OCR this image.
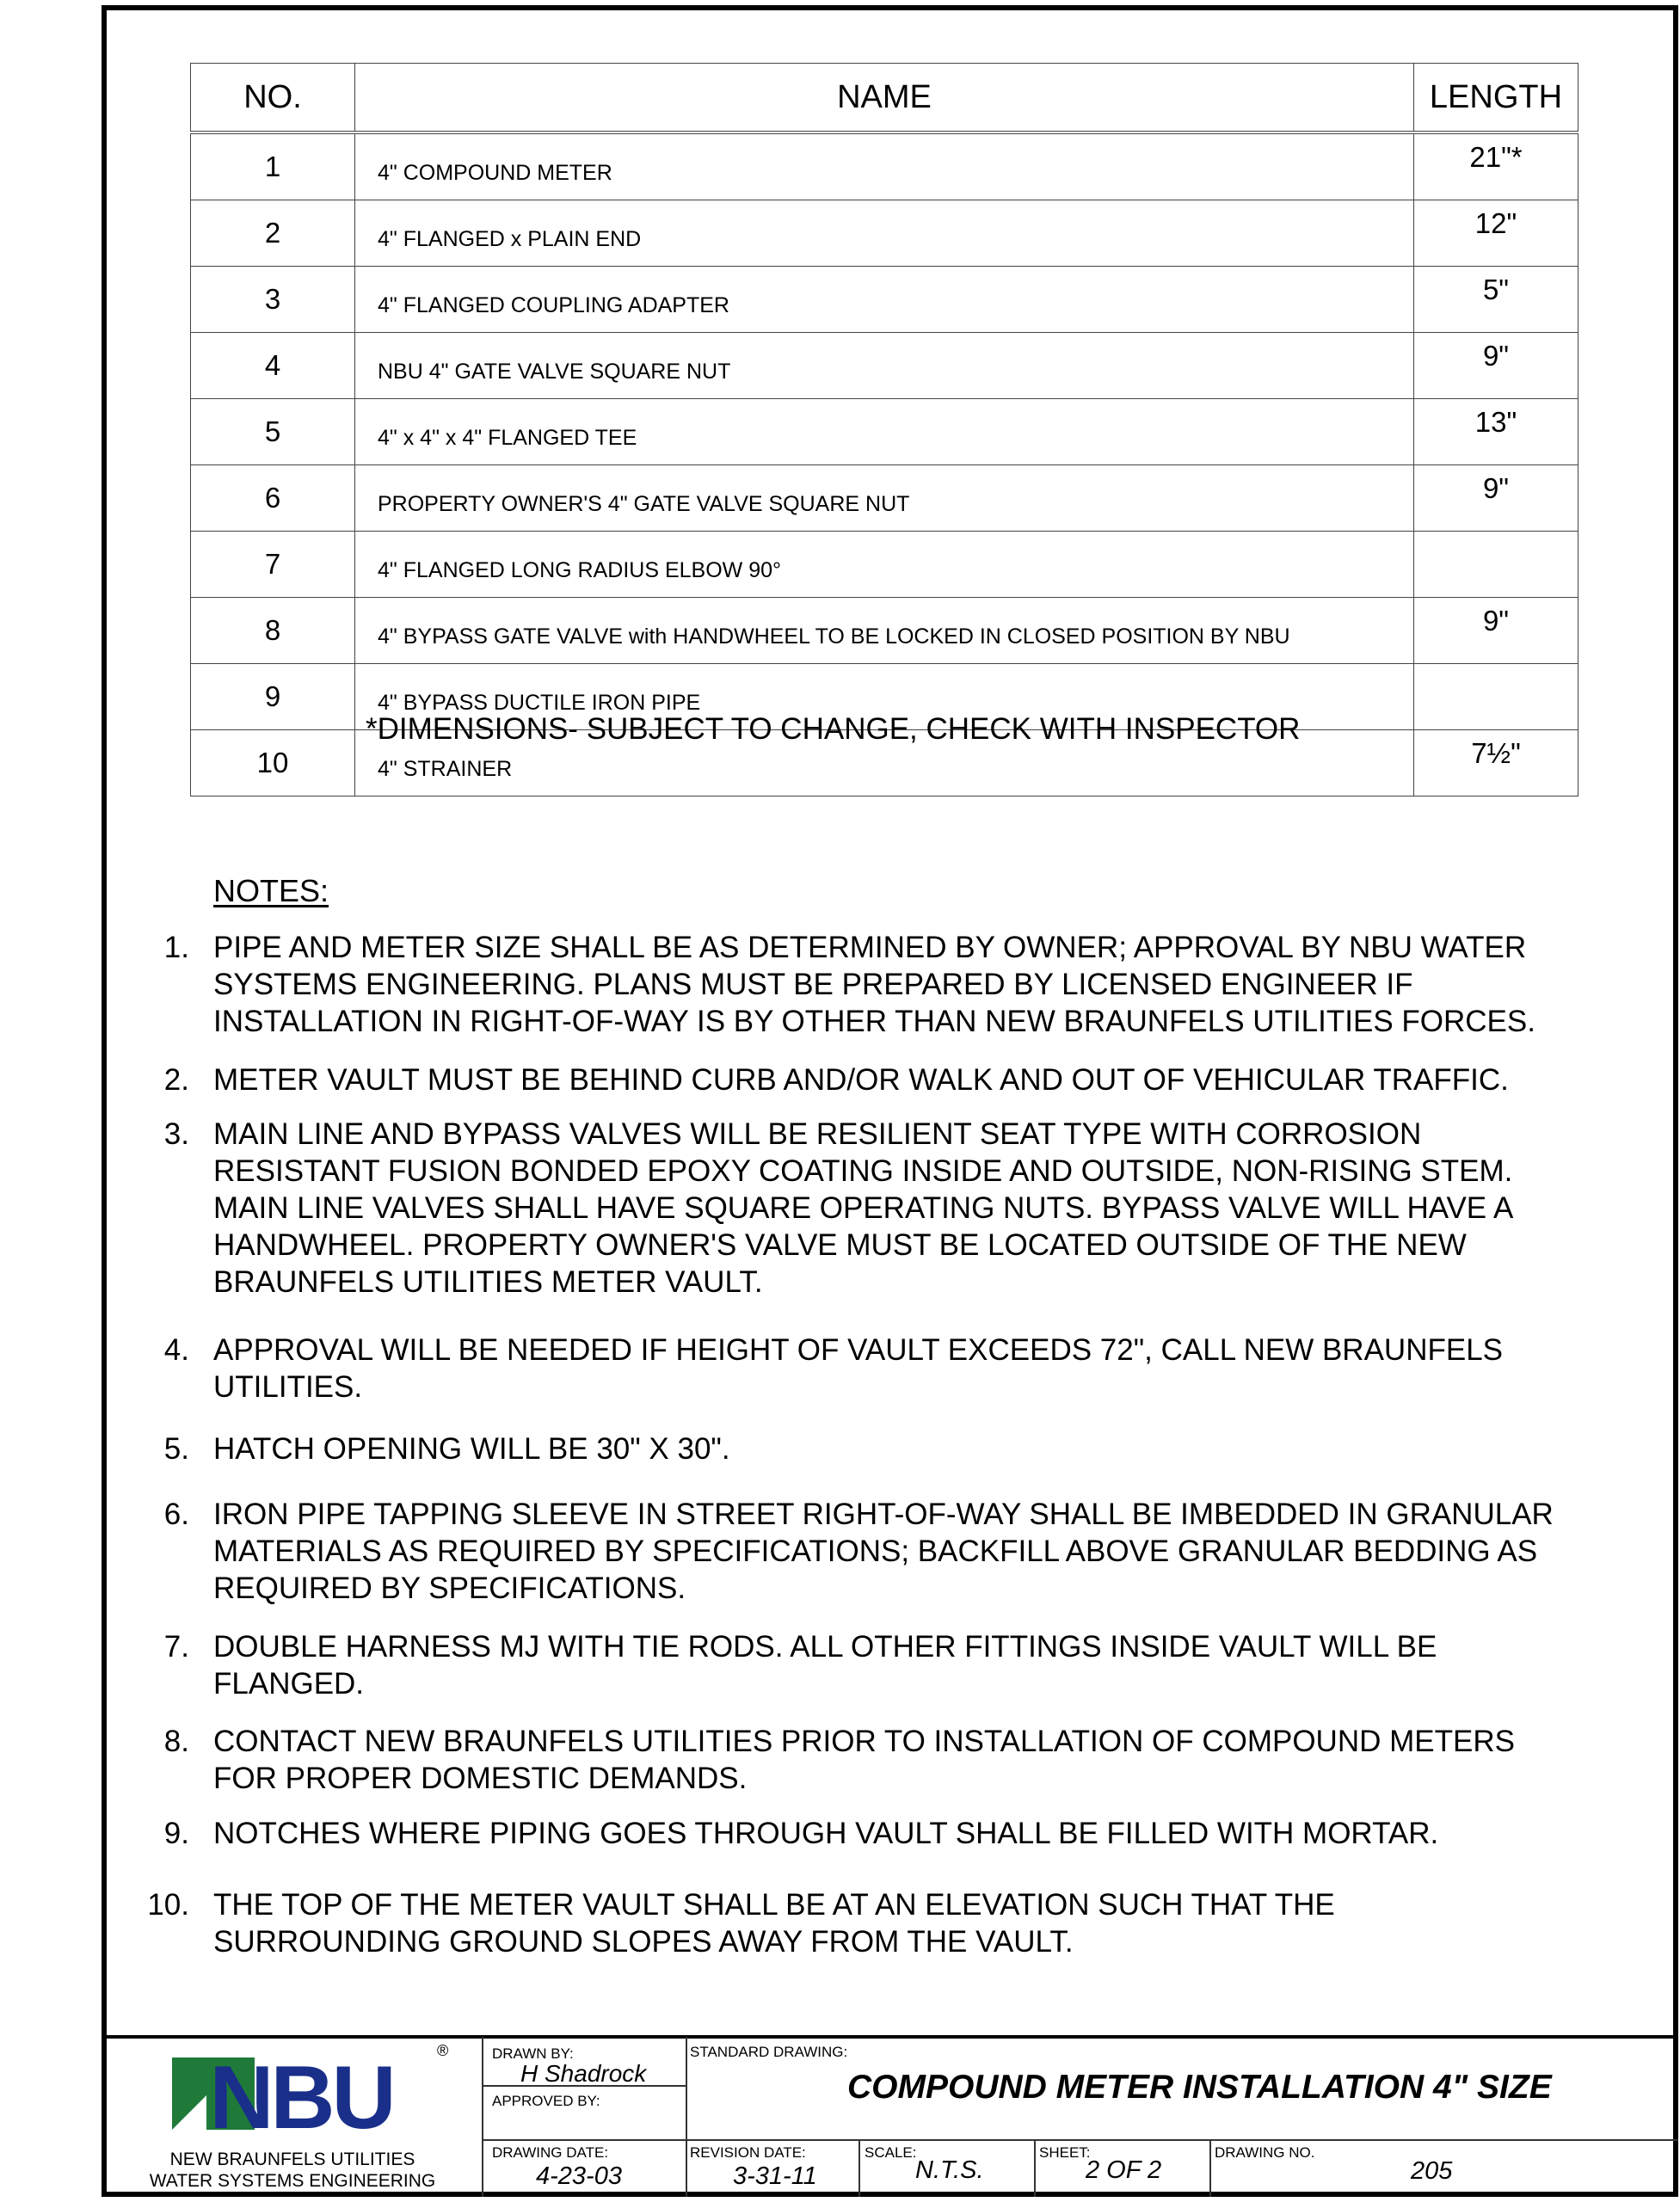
NO.	NAME	LENGTH
1	4" COMPOUND METER	21"*
2	4" FLANGED x PLAIN END	12"
3	4" FLANGED COUPLING ADAPTER	5"
4	NBU 4" GATE VALVE SQUARE NUT	9"
5	4" x 4" x 4" FLANGED TEE	13"
6	PROPERTY OWNER'S 4" GATE VALVE SQUARE NUT	9"
7	4" FLANGED LONG RADIUS ELBOW 90°	
8	4" BYPASS GATE VALVE with HANDWHEEL TO BE LOCKED IN CLOSED POSITION BY NBU	9"
9	4" BYPASS DUCTILE IRON PIPE	
10	4" STRAINER	7½"
*DIMENSIONS- SUBJECT TO CHANGE, CHECK WITH INSPECTOR
NOTES:
1. PIPE AND METER SIZE SHALL BE AS DETERMINED BY OWNER; APPROVAL BY NBU WATER
SYSTEMS ENGINEERING. PLANS MUST BE PREPARED BY LICENSED ENGINEER IF
INSTALLATION IN RIGHT-OF-WAY IS BY OTHER THAN NEW BRAUNFELS UTILITIES FORCES.
2. METER VAULT MUST BE BEHIND CURB AND/OR WALK AND OUT OF VEHICULAR TRAFFIC.
3. MAIN LINE AND BYPASS VALVES WILL BE RESILIENT SEAT TYPE WITH CORROSION
RESISTANT FUSION BONDED EPOXY COATING INSIDE AND OUTSIDE, NON-RISING STEM.
MAIN LINE VALVES SHALL HAVE SQUARE OPERATING NUTS. BYPASS VALVE WILL HAVE A
HANDWHEEL. PROPERTY OWNER'S VALVE MUST BE LOCATED OUTSIDE OF THE NEW
BRAUNFELS UTILITIES METER VAULT.
4. APPROVAL WILL BE NEEDED IF HEIGHT OF VAULT EXCEEDS 72", CALL NEW BRAUNFELS
UTILITIES.
5. HATCH OPENING WILL BE 30" X 30".
6. IRON PIPE TAPPING SLEEVE IN STREET RIGHT-OF-WAY SHALL BE IMBEDDED IN GRANULAR
MATERIALS AS REQUIRED BY SPECIFICATIONS; BACKFILL ABOVE GRANULAR BEDDING AS
REQUIRED BY SPECIFICATIONS.
7. DOUBLE HARNESS MJ WITH TIE RODS. ALL OTHER FITTINGS INSIDE VAULT WILL BE
FLANGED.
8. CONTACT NEW BRAUNFELS UTILITIES PRIOR TO INSTALLATION OF COMPOUND METERS
FOR PROPER DOMESTIC DEMANDS.
9. NOTCHES WHERE PIPING GOES THROUGH VAULT SHALL BE FILLED WITH MORTAR.
10. THE TOP OF THE METER VAULT SHALL BE AT AN ELEVATION SUCH THAT THE
SURROUNDING GROUND SLOPES AWAY FROM THE VAULT.
NBU	®
NEW BRAUNFELS UTILITIES
WATER SYSTEMS ENGINEERING
DRAWN BY:
H Shadrock
APPROVED BY:
STANDARD DRAWING:
COMPOUND METER INSTALLATION 4" SIZE
DRAWING DATE:
4-23-03
REVISION DATE:
3-31-11
SCALE:
N.T.S.
SHEET:
2 OF 2
DRAWING NO.
205
